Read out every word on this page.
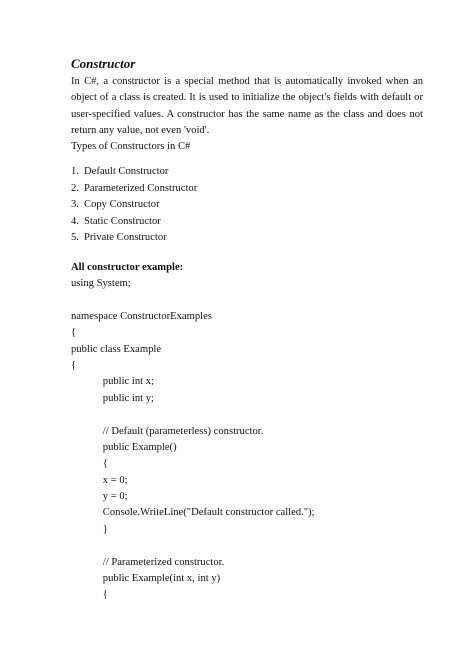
Constructor
In C#, a constructor is a special method that is automatically invoked when an object of a class is created. It is used to initialize the object's fields with default or user-specified values. A constructor has the same name as the class and does not return any value, not even 'void'.
Types of Constructors in C#
1. Default Constructor
2. Parameterized Constructor
3. Copy Constructor
4. Static Constructor
5. Private Constructor
All constructor example:
using System;
namespace ConstructorExamples
{
public class Example
{
public int x;
public int y;
// Default (parameterless) constructor.
public Example()
{
x = 0;
y = 0;
Console.WriteLine("Default constructor called.");
}
// Parameterized constructor.
public Example(int x, int y)
{
